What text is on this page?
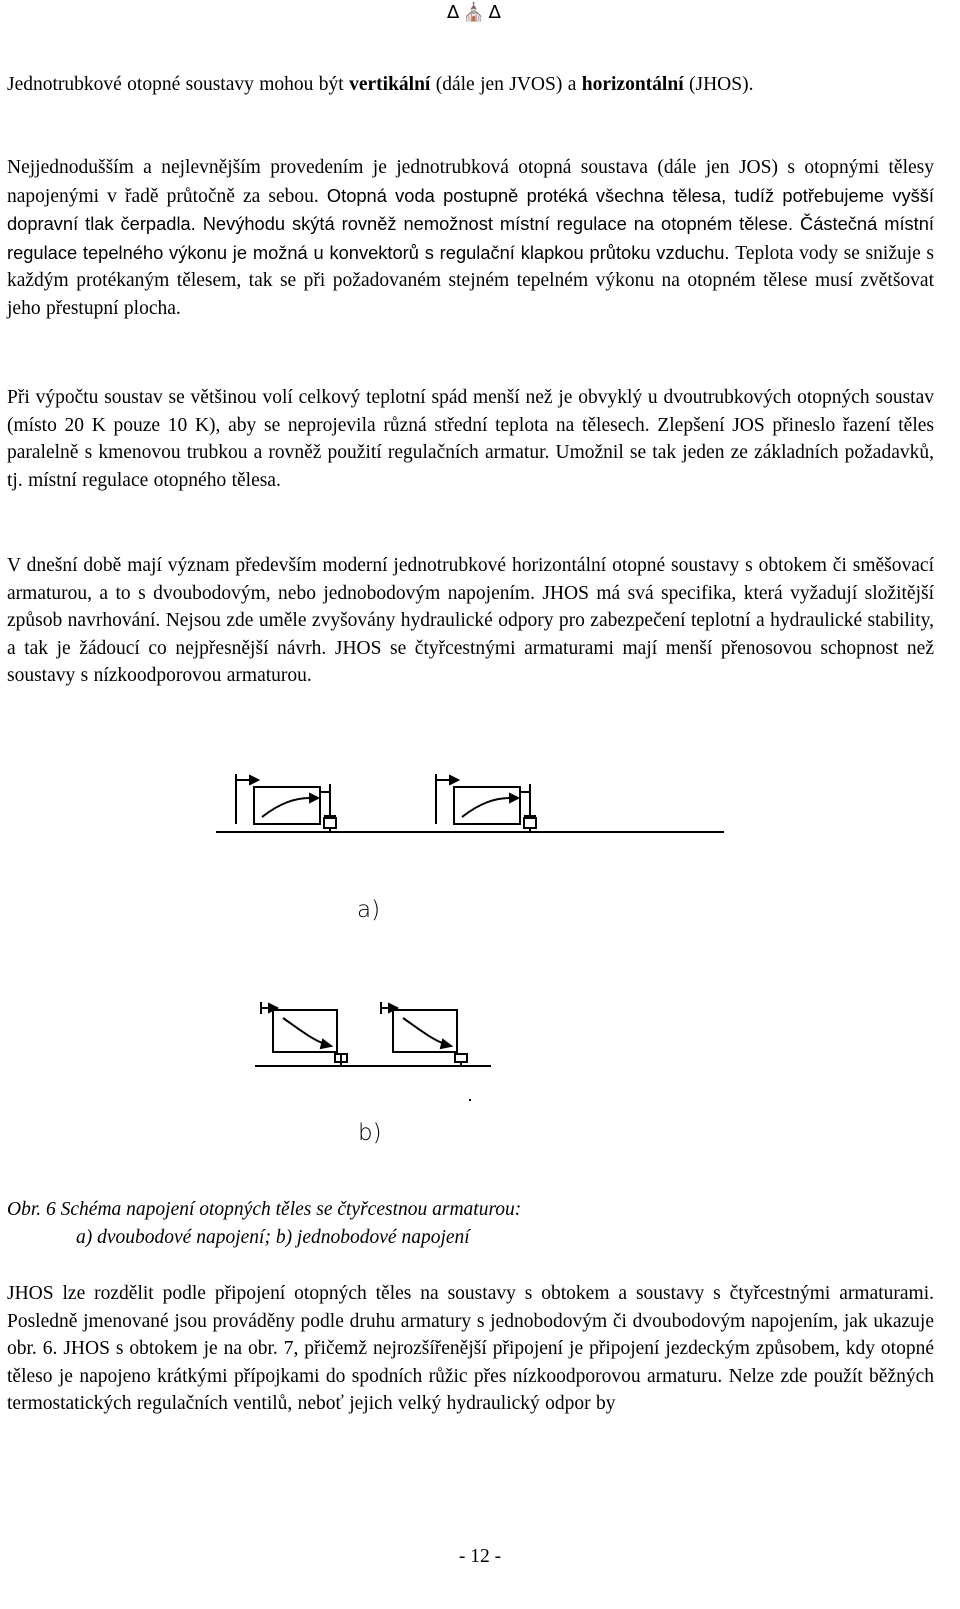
∆ ⛪ ∆

Jednotrubkové otopné soustavy mohou být vertikální (dále jen JVOS) a horizontální (JHOS).

Nejjednodušším a nejlevnějším provedením je jednotrubková otopná soustava (dále jen JOS) s otopnými tělesy napojenými v řadě průtočně za sebou. Otopná voda postupně protéká všechna tělesa, tudíž potřebujeme vyšší dopravní tlak čerpadla. Nevýhodu skýtá rovněž nemožnost místní regulace na otopném tělese. Částečná místní regulace tepelného výkonu je možná u konvektorů s regulační klapkou průtoku vzduchu. Teplota vody se snižuje s každým protékaným tělesem, tak se při požadovaném stejném tepelném výkonu na otopném tělese musí zvětšovat jeho přestupní plocha.

Při výpočtu soustav se většinou volí celkový teplotní spád menší než je obvyklý u dvoutrubkových otopných soustav (místo 20 K pouze 10 K), aby se neprojevila různá střední teplota na tělesech. Zlepšení JOS přineslo řazení těles paralelně s kmenovou trubkou a rovněž použití regulačních armatur. Umožnil se tak jeden ze základních požadavků, tj. místní regulace otopného tělesa.

V dnešní době mají význam především moderní jednotrubkové horizontální otopné soustavy s obtokem či směšovací armaturou, a to s dvoubodovým, nebo jednobodovým napojením. JHOS má svá specifika, která vyžadují složitější způsob navrhování. Nejsou zde uměle zvyšovány hydraulické odpory pro zabezpečení teplotní a hydraulické stability, a tak je žádoucí co nejpřesnější návrh. JHOS se čtyřcestnými armaturami mají menší přenosovou schopnost než soustavy s nízkoodporovou armaturou.

a)
b)
Obr. 6 Schéma napojení otopných těles se čtyřcestnou armaturou:
a) dvoubodové napojení; b) jednobodové napojení

JHOS lze rozdělit podle připojení otopných těles na soustavy s obtokem a soustavy s čtyřcestnými armaturami. Posledně jmenované jsou prováděny podle druhu armatury s jednobodovým či dvoubodovým napojením, jak ukazuje obr. 6. JHOS s obtokem je na obr. 7, přičemž nejrozšířenější připojení je připojení jezdeckým způsobem, kdy otopné těleso je napojeno krátkými přípojkami do spodních růžic přes nízkoodporovou armaturu. Nelze zde použít běžných termostatických regulačních ventilů, neboť jejich velký hydraulický odpor by

- 12 -
